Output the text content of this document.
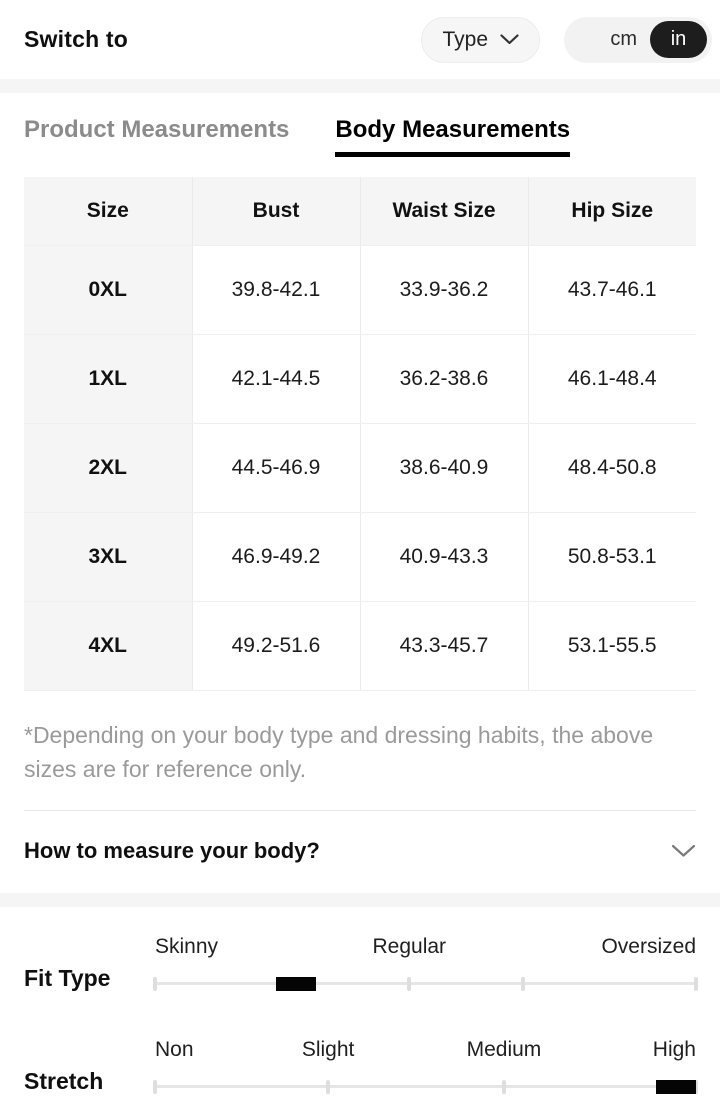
Switch to	Type	cm	in
Product Measurements Body Measurements
Size	Bust	Waist Size	Hip Size
0XL	39.8-42.1	33.9-36.2	43.7-46.1
1XL	42.1-44.5	36.2-38.6	46.1-48.4
2XL	44.5-46.9	38.6-40.9	48.4-50.8
3XL	46.9-49.2	40.9-43.3	50.8-53.1
4XL	49.2-51.6	43.3-45.7	53.1-55.5
*Depending on your body type and dressing habits, the above sizes are for reference only.
How to measure your body?
Fit Type
Skinny	Regular	Oversized
Stretch
Non	Slight	Medium	High
